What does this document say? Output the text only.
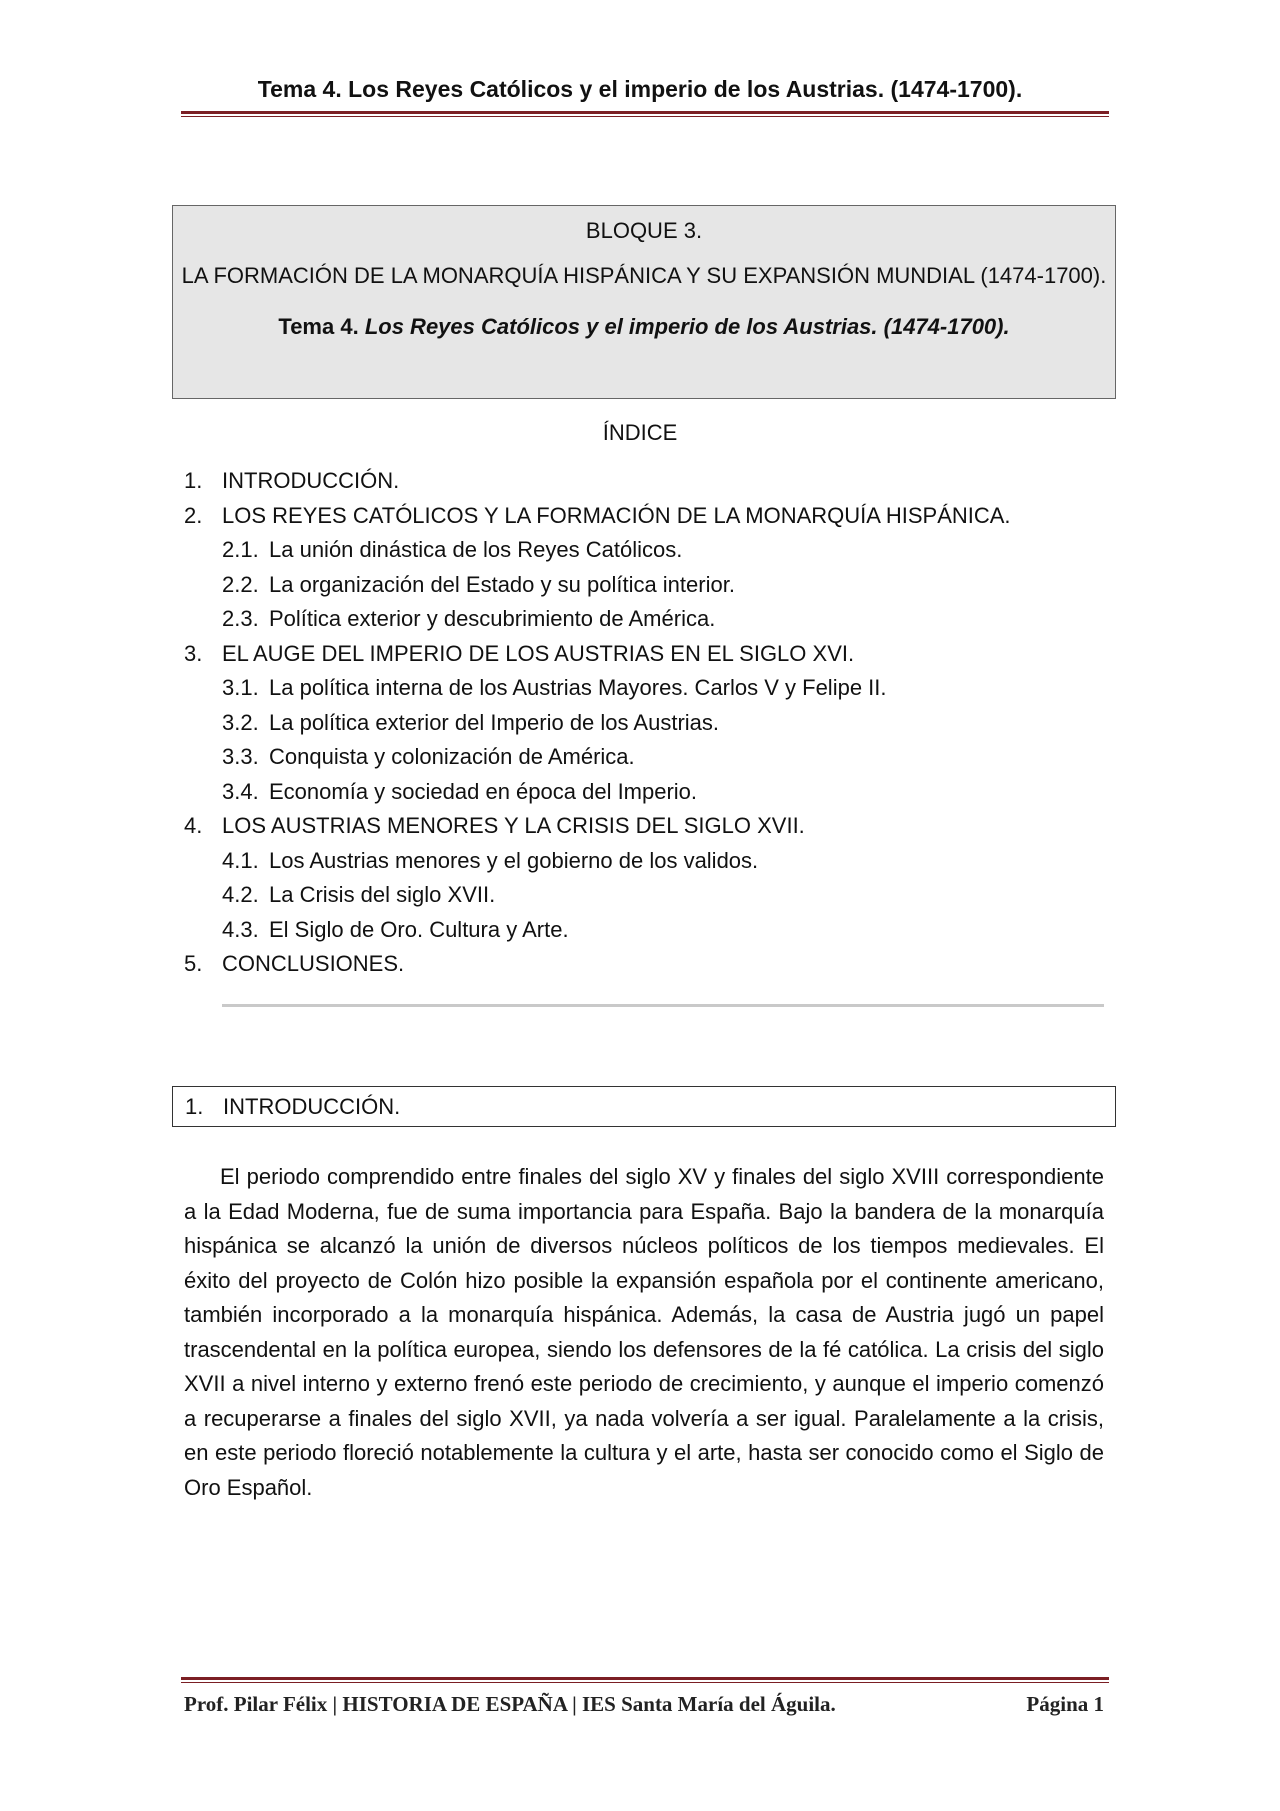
Tema 4. Los Reyes Católicos y el imperio de los Austrias. (1474-1700).
BLOQUE 3.
LA FORMACIÓN DE LA MONARQUÍA HISPÁNICA Y SU EXPANSIÓN MUNDIAL (1474-1700).
Tema 4. Los Reyes Católicos y el imperio de los Austrias. (1474-1700).
ÍNDICE
1. INTRODUCCIÓN.
2. LOS REYES CATÓLICOS Y LA FORMACIÓN DE LA MONARQUÍA HISPÁNICA.
2.1. La unión dinástica de los Reyes Católicos.
2.2. La organización del Estado y su política interior.
2.3. Política exterior y descubrimiento de América.
3. EL AUGE DEL IMPERIO DE LOS AUSTRIAS EN EL SIGLO XVI.
3.1. La política interna de los Austrias Mayores. Carlos V y Felipe II.
3.2. La política exterior del Imperio de los Austrias.
3.3. Conquista y colonización de América.
3.4. Economía y sociedad en época del Imperio.
4. LOS AUSTRIAS MENORES Y LA CRISIS DEL SIGLO XVII.
4.1. Los Austrias menores y el gobierno de los validos.
4.2. La Crisis del siglo XVII.
4.3. El Siglo de Oro. Cultura y Arte.
5. CONCLUSIONES.
1. INTRODUCCIÓN.

El periodo comprendido entre finales del siglo XV y finales del siglo XVIII correspondiente a la Edad Moderna, fue de suma importancia para España. Bajo la bandera de la monarquía hispánica se alcanzó la unión de diversos núcleos políticos de los tiempos medievales. El éxito del proyecto de Colón hizo posible la expansión española por el continente americano, también incorporado a la monarquía hispánica. Además, la casa de Austria jugó un papel trascendental en la política europea, siendo los defensores de la fé católica. La crisis del siglo XVII a nivel interno y externo frenó este periodo de crecimiento, y aunque el imperio comenzó a recuperarse a finales del siglo XVII, ya nada volvería a ser igual. Paralelamente a la crisis, en este periodo floreció notablemente la cultura y el arte, hasta ser conocido como el Siglo de Oro Español.

Prof. Pilar Félix | HISTORIA DE ESPAÑA | IES Santa María del Águila.	Página 1
